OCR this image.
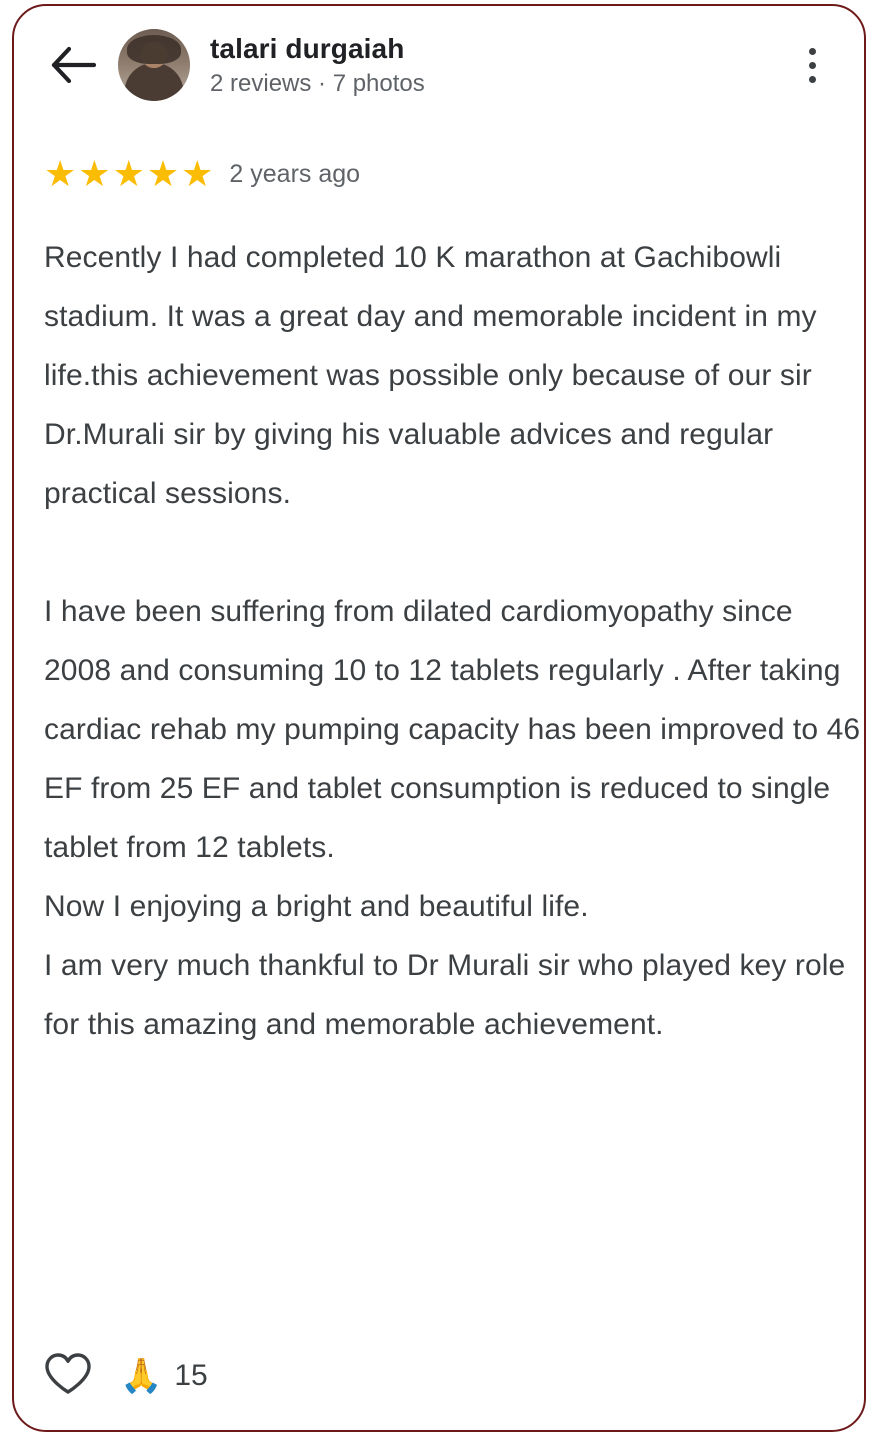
talari durgaiah
2 reviews · 7 photos
★ ★ ★ ★ ★ 2 years ago

Recently I had completed 10 K marathon at Gachibowli stadium. It was a great day and memorable incident in my life.this achievement was possible only because of our sir Dr.Murali sir by giving his valuable advices and regular practical sessions.

I have been suffering from dilated cardiomyopathy since 2008 and consuming 10 to 12 tablets regularly . After taking cardiac rehab my pumping capacity has been improved to 46 EF from 25 EF and tablet consumption is reduced to single tablet from 12 tablets.

Now I enjoying a bright and beautiful life.

I am very much thankful to Dr Murali sir who played key role for this amazing and memorable achievement.

🙏 15
